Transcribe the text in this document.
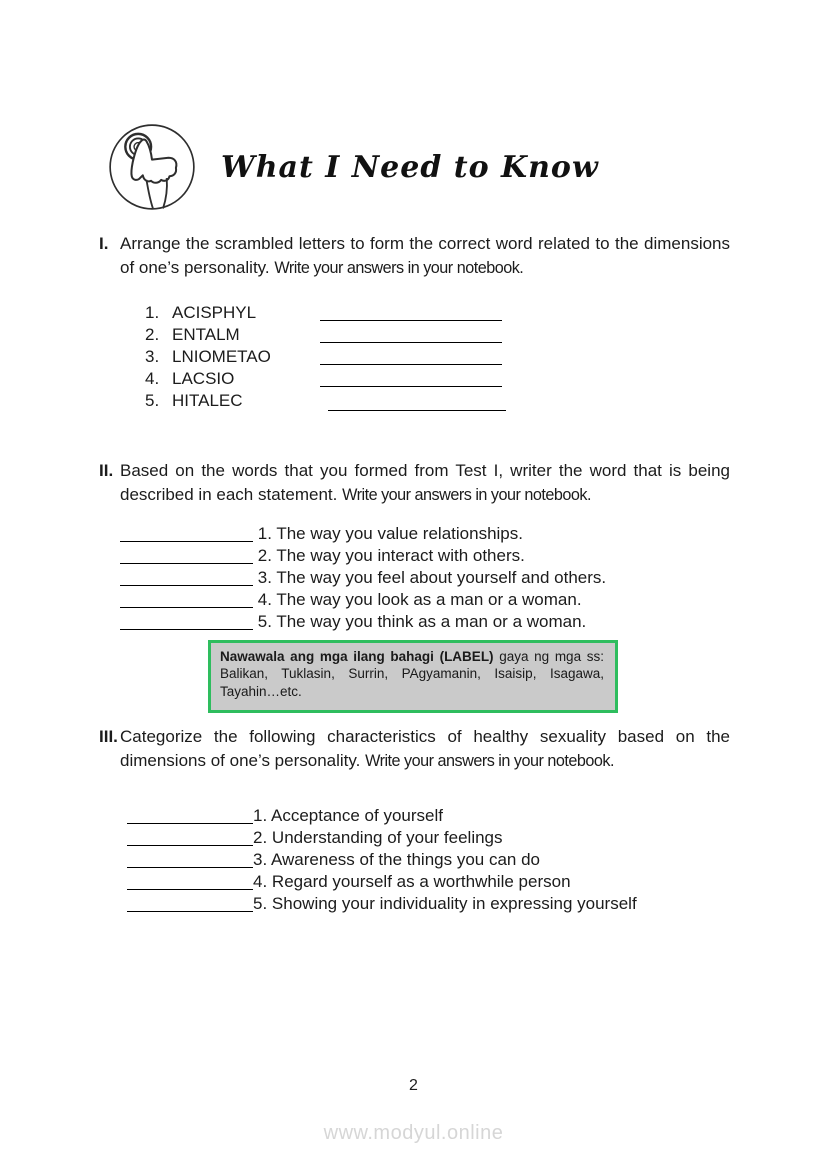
What I Need to Know
I. Arrange the scrambled letters to form the correct word related to the dimensions of one’s personality. Write your answers in your notebook.
1. ACISPHYL
2. ENTALM
3. LNIOMETAO
4. LACSIO
5. HITALEC
II. Based on the words that you formed from Test I, writer the word that is being described in each statement. Write your answers in your notebook.
1. The way you value relationships.
2. The way you interact with others.
3. The way you feel about yourself and others.
4. The way you look as a man or a woman.
5. The way you think as a man or a woman.
Nawawala ang mga ilang bahagi (LABEL) gaya ng mga ss: Balikan, Tuklasin, Surrin, PAgyamanin, Isaisip, Isagawa, Tayahin…etc.
III. Categorize the following characteristics of healthy sexuality based on the dimensions of one’s personality. Write your answers in your notebook.
1. Acceptance of yourself
2. Understanding of your feelings
3. Awareness of the things you can do
4. Regard yourself as a worthwhile person
5. Showing your individuality in expressing yourself
2
www.modyul.online
